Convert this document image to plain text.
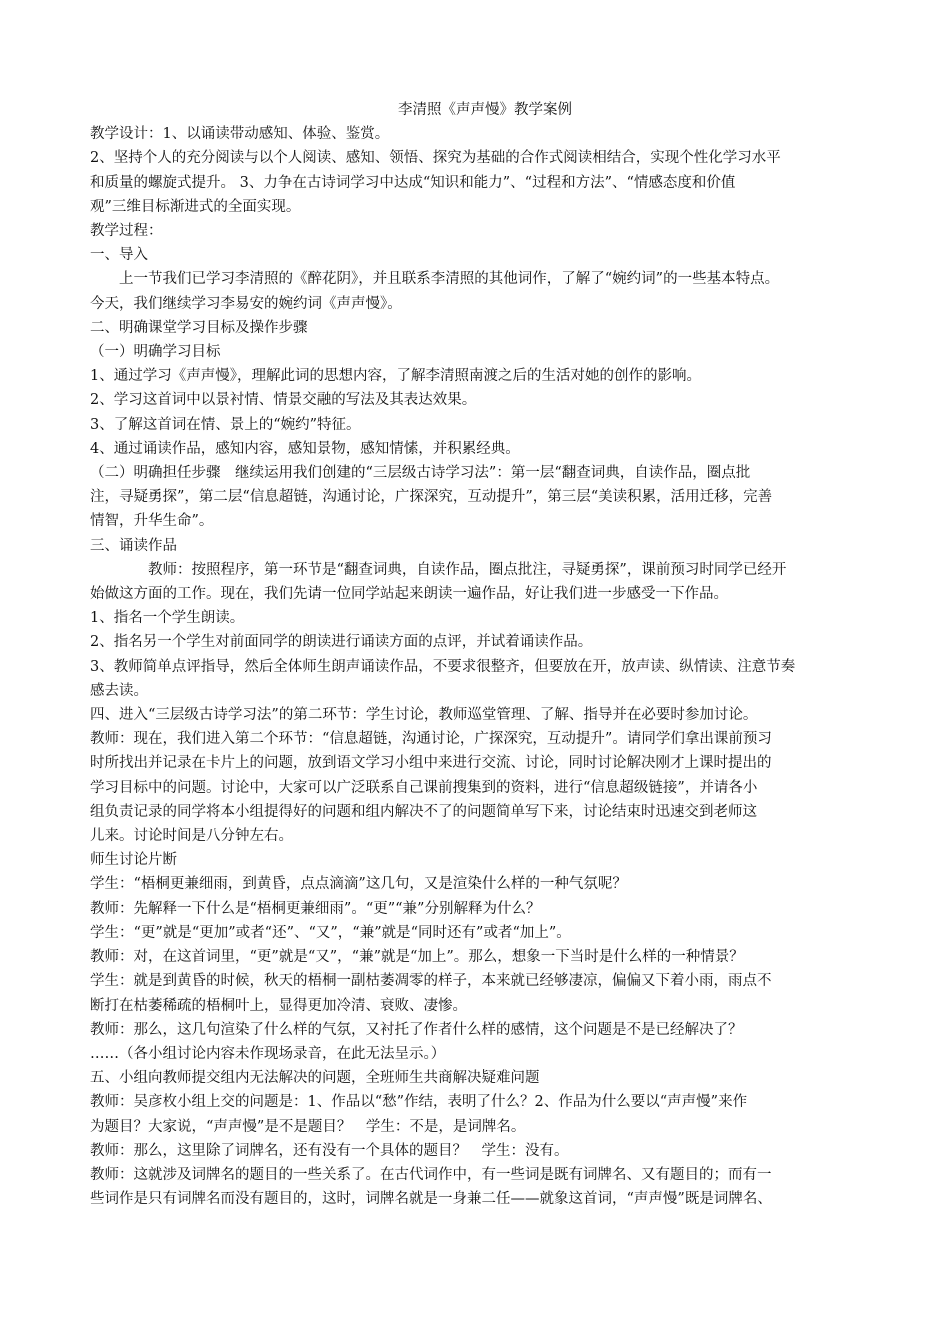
李清照《声声慢》教学案例

教学设计：1、以诵读带动感知、体验、鉴赏。

2、坚持个人的充分阅读与以个人阅读、感知、领悟、探究为基础的合作式阅读相结合，实现个性化学习水平

和质量的螺旋式提升。 3、力争在古诗词学习中达成“知识和能力”、“过程和方法”、“情感态度和价值

观”三维目标渐进式的全面实现。

教学过程：

一、导入

上一节我们已学习李清照的《醉花阴》，并且联系李清照的其他词作，了解了“婉约词”的一些基本特点。

今天，我们继续学习李易安的婉约词《声声慢》。

二、明确课堂学习目标及操作步骤

（一）明确学习目标

1、通过学习《声声慢》，理解此词的思想内容，了解李清照南渡之后的生活对她的创作的影响。

2、学习这首词中以景衬情、情景交融的写法及其表达效果。

3、了解这首词在情、景上的“婉约”特征。

4、通过诵读作品，感知内容，感知景物，感知情愫，并积累经典。

（二）明确担任步骤　继续运用我们创建的“三层级古诗学习法”：第一层“翻查词典，自读作品，圈点批

注，寻疑勇探”，第二层“信息超链，沟通讨论，广探深究，互动提升”，第三层“美读积累，活用迁移，完善

情智，升华生命”。

三、诵读作品

教师：按照程序，第一环节是“翻查词典，自读作品，圈点批注，寻疑勇探”，课前预习时同学已经开

始做这方面的工作。现在，我们先请一位同学站起来朗读一遍作品，好让我们进一步感受一下作品。

1、指名一个学生朗读。

2、指名另一个学生对前面同学的朗读进行诵读方面的点评，并试着诵读作品。

3、教师简单点评指导，然后全体师生朗声诵读作品，不要求很整齐，但要放在开，放声读、纵情读、注意节奏

感去读。

四、进入“三层级古诗学习法”的第二环节：学生讨论，教师巡堂管理、了解、指导并在必要时参加讨论。

教师：现在，我们进入第二个环节：“信息超链，沟通讨论，广探深究，互动提升”。请同学们拿出课前预习

时所找出并记录在卡片上的问题，放到语文学习小组中来进行交流、讨论，同时讨论解决刚才上课时提出的

学习目标中的问题。讨论中，大家可以广泛联系自己课前搜集到的资料，进行“信息超级链接”，并请各小

组负责记录的同学将本小组提得好的问题和组内解决不了的问题简单写下来，讨论结束时迅速交到老师这

儿来。讨论时间是八分钟左右。

师生讨论片断

学生：“梧桐更兼细雨，到黄昏，点点滴滴”这几句，又是渲染什么样的一种气氛呢？

教师：先解释一下什么是“梧桐更兼细雨”。“更”“兼”分别解释为什么？

学生：“更”就是“更加”或者“还”、“又”，“兼”就是“同时还有”或者“加上”。

教师：对，在这首词里，“更”就是“又”，“兼”就是“加上”。那么，想象一下当时是什么样的一种情景？

学生：就是到黄昏的时候，秋天的梧桐一副枯萎凋零的样子，本来就已经够凄凉，偏偏又下着小雨，雨点不

断打在枯萎稀疏的梧桐叶上，显得更加冷清、衰败、凄惨。

教师：那么，这几句渲染了什么样的气氛，又衬托了作者什么样的感情，这个问题是不是已经解决了？

……（各小组讨论内容未作现场录音，在此无法呈示。）

五、小组向教师提交组内无法解决的问题，全班师生共商解决疑难问题

教师：吴彦枚小组上交的问题是：1、作品以“愁”作结，表明了什么？2、作品为什么要以“声声慢”来作

为题目？大家说，“声声慢”是不是题目？　学生：不是，是词牌名。

教师：那么，这里除了词牌名，还有没有一个具体的题目？　学生：没有。

教师：这就涉及词牌名的题目的一些关系了。在古代词作中，有一些词是既有词牌名、又有题目的；而有一

些词作是只有词牌名而没有题目的，这时，词牌名就是一身兼二任——就象这首词，“声声慢”既是词牌名、
